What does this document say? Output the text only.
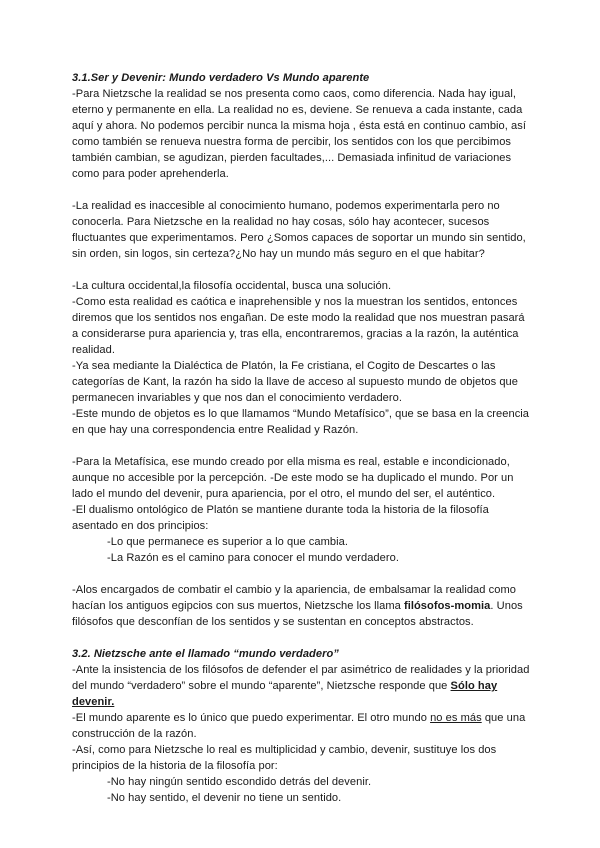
3.1.Ser y Devenir: Mundo verdadero Vs Mundo aparente

-Para Nietzsche la realidad se nos presenta como caos, como diferencia. Nada hay igual, eterno y permanente en ella. La realidad no es, deviene. Se renueva a cada instante, cada aquí y ahora. No podemos percibir nunca la misma hoja , ésta está en continuo cambio, así como también se renueva nuestra forma de percibir, los sentidos con los que percibimos también cambian, se agudizan, pierden facultades,... Demasiada infinitud de variaciones como para poder aprehenderla.

-La realidad es inaccesible al conocimiento humano, podemos experimentarla pero no conocerla. Para Nietzsche en la realidad no hay cosas, sólo hay acontecer, sucesos fluctuantes que experimentamos. Pero ¿Somos capaces de soportar un mundo sin sentido, sin orden, sin logos, sin certeza?¿No hay un mundo más seguro en el que habitar?

-La cultura occidental,la filosofía occidental, busca una solución.

-Como esta realidad es caótica e inaprehensible y nos la muestran los sentidos, entonces diremos que los sentidos nos engañan. De este modo la realidad que nos muestran pasará a considerarse pura apariencia y, tras ella, encontraremos, gracias a la razón, la auténtica realidad.

-Ya sea mediante la Dialéctica de Platón, la Fe cristiana, el Cogito de Descartes o las categorías de Kant, la razón ha sido la llave de acceso al supuesto mundo de objetos que permanecen invariables y que nos dan el conocimiento verdadero.

-Este mundo de objetos es lo que llamamos “Mundo Metafísico”, que se basa en la creencia en que hay una correspondencia entre Realidad y Razón.

-Para la Metafísica, ese mundo creado por ella misma es real, estable e incondicionado, aunque no accesible por la percepción. -De este modo se ha duplicado el mundo. Por un lado el mundo del devenir, pura apariencia, por el otro, el mundo del ser, el auténtico.

-El dualismo ontológico de Platón se mantiene durante toda la historia de la filosofía asentado en dos principios:

-Lo que permanece es superior a lo que cambia.

-La Razón es el camino para conocer el mundo verdadero.

-Alos encargados de combatir el cambio y la apariencia, de embalsamar la realidad como hacían los antiguos egipcios con sus muertos, Nietzsche los llama filósofos-momia. Unos filósofos que desconfían de los sentidos y se sustentan en conceptos abstractos.

3.2. Nietzsche ante el llamado “mundo verdadero”

-Ante la insistencia de los filósofos de defender el par asimétrico de realidades y la prioridad del mundo “verdadero” sobre el mundo “aparente”, Nietzsche responde que Sólo hay devenir.

-El mundo aparente es lo único que puedo experimentar. El otro mundo no es más que una construcción de la razón.

-Así, como para Nietzsche lo real es multiplicidad y cambio, devenir, sustituye los dos principios de la historia de la filosofía por:

-No hay ningún sentido escondido detrás del devenir.

-No hay sentido, el devenir no tiene un sentido.
